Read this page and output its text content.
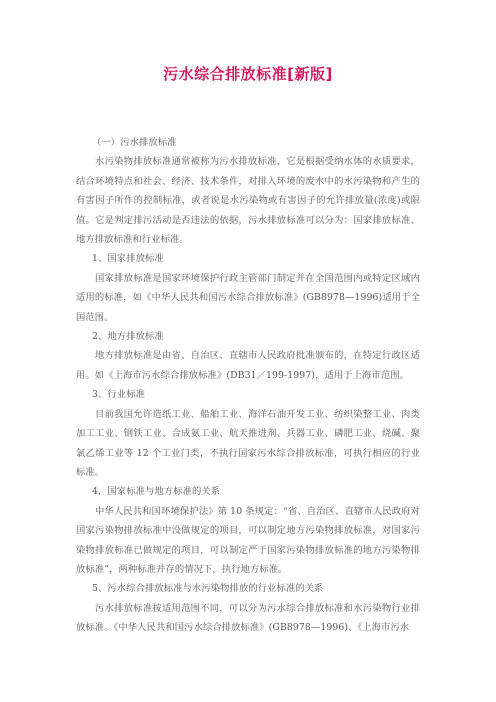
污水综合排放标准[新版]

（一）污水排放标准

水污染物排放标准通常被称为污水排放标准，它是根据受纳水体的水质要求，结合环境特点和社会、经济、技术条件，对排入环境的废水中的水污染物和产生的有害因子所作的控制标准，或者说是水污染物或有害因子的允许排放量(浓度)或限值。它是判定排污活动是否违法的依据，污水排放标准可以分为：国家排放标准、地方排放标准和行业标准。

1、国家排放标准

国家排放标准是国家环境保护行政主管部门制定并在全国范围内或特定区域内适用的标准，如《中华人民共和国污水综合排放标准》(GB8978—1996)适用于全国范围。

2、地方排放标准

地方排放标准是由省、自治区、直辖市人民政府批准颁布的，在特定行政区适用。如《上海市污水综合排放标准》(DB31／199-1997)，适用于上海市范围。

3、行业标准

目前我国允许造纸工业、船舶工业、海洋石油开发工业、纺织染整工业、肉类加工工业、钢铁工业、合成氨工业、航天推进剂、兵器工业、磷肥工业、烧碱、聚氯乙烯工业等 12 个工业门类，不执行国家污水综合排放标准，可执行相应的行业标准。

4．国家标准与地方标准的关系

中华人民共和国环境保护法》第 10 条规定：“省、自治区、直辖市人民政府对国家污染物排放标准中没做规定的项目，可以制定地方污染物排放标准，对国家污染物排放标准已做规定的项目，可以制定严于国家污染物排放标准的地方污染物排放标准”，两种标准并存的情况下，执行地方标准。

5、污水综合排放标准与水污染物排放的行业标准的关系

污水排放标准按适用范围不同，可以分为污水综合排放标准和水污染物行业排放标准。《中华人民共和国污水综合排放标准》(GB8978—1996)、《上海市污水
